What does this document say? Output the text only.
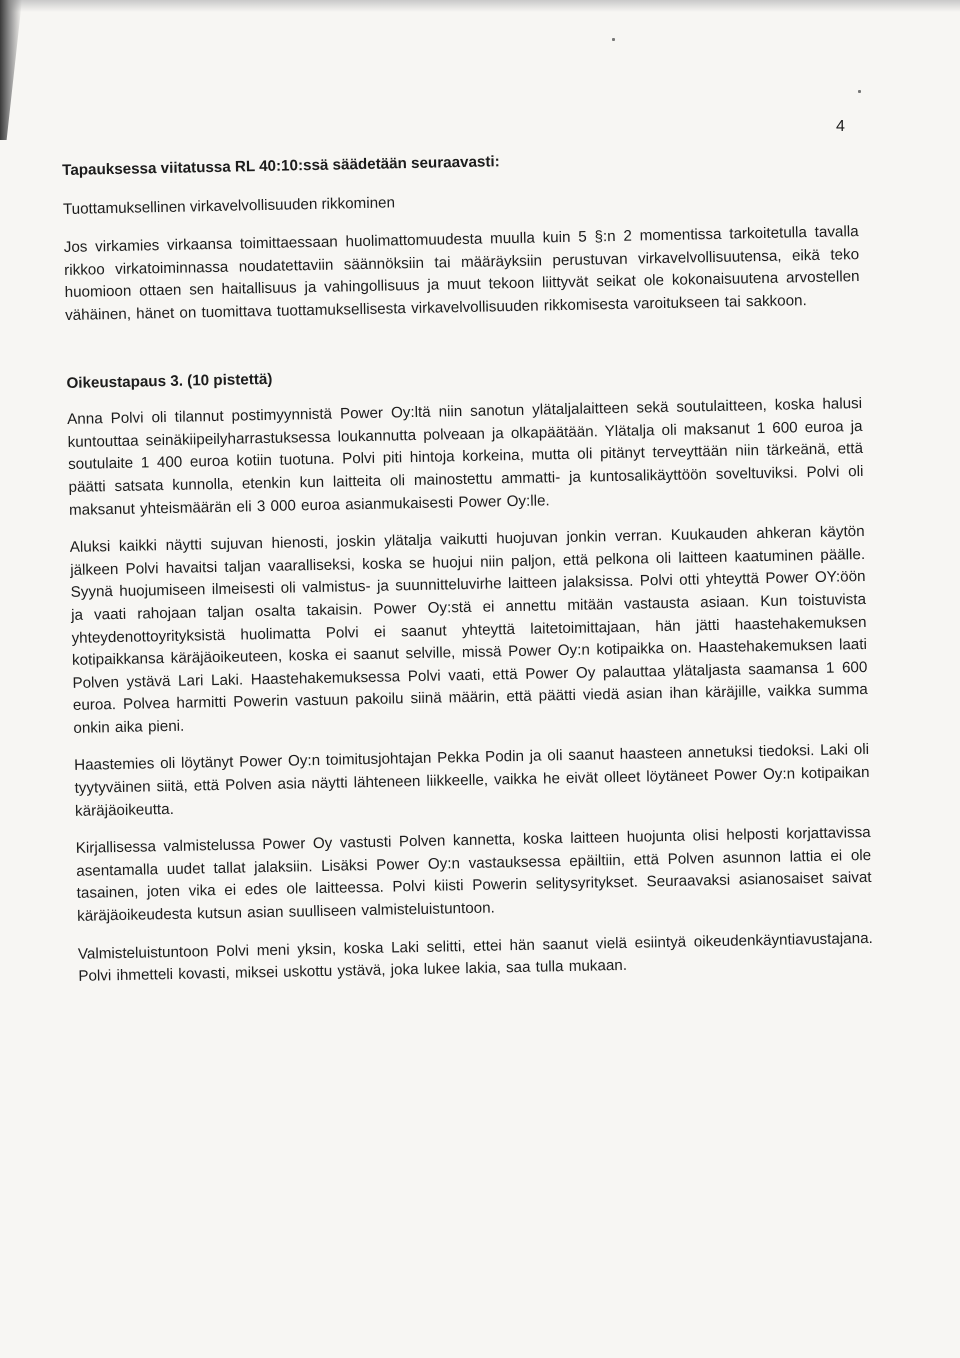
4
Tapauksessa viitatussa RL 40:10:ssä säädetään seuraavasti:
Tuottamuksellinen virkavelvollisuuden rikkominen
Jos virkamies virkaansa toimittaessaan huolimattomuudesta muulla kuin 5 §:n 2 momentissa tarkoitetulla tavalla rikkoo virkatoiminnassa noudatettaviin säännöksiin tai määräyksiin perustuvan virkavelvollisuutensa, eikä teko huomioon ottaen sen haitallisuus ja vahingollisuus ja muut tekoon liittyvät seikat ole kokonaisuutena arvostellen vähäinen, hänet on tuomittava tuottamuksellisesta virkavelvollisuuden rikkomisesta varoitukseen tai sakkoon.
Oikeustapaus 3. (10 pistettä)
Anna Polvi oli tilannut postimyynnistä Power Oy:ltä niin sanotun ylätaljalaitteen sekä soutulaitteen, koska halusi kuntouttaa seinäkiipeilyharrastuksessa loukannutta polveaan ja olkapäätään. Ylätalja oli maksanut 1 600 euroa ja soutulaite 1 400 euroa kotiin tuotuna. Polvi piti hintoja korkeina, mutta oli pitänyt terveyttään niin tärkeänä, että päätti satsata kunnolla, etenkin kun laitteita oli mainostettu ammatti- ja kuntosalikäyttöön soveltuviksi. Polvi oli maksanut yhteismäärän eli 3 000 euroa asianmukaisesti Power Oy:lle.
Aluksi kaikki näytti sujuvan hienosti, joskin ylätalja vaikutti huojuvan jonkin verran. Kuukauden ahkeran käytön jälkeen Polvi havaitsi taljan vaaralliseksi, koska se huojui niin paljon, että pelkona oli laitteen kaatuminen päälle. Syynä huojumiseen ilmeisesti oli valmistus- ja suunnitteluvirhe laitteen jalaksissa. Polvi otti yhteyttä Power OY:öön ja vaati rahojaan taljan osalta takaisin. Power Oy:stä ei annettu mitään vastausta asiaan. Kun toistuvista yhteydenottoyrityksistä huolimatta Polvi ei saanut yhteyttä laitetoimittajaan, hän jätti haastehakemuksen kotipaikkansa käräjäoikeuteen, koska ei saanut selville, missä Power Oy:n kotipaikka on. Haastehakemuksen laati Polven ystävä Lari Laki. Haastehakemuksessa Polvi vaati, että Power Oy palauttaa ylätaljasta saamansa 1 600 euroa. Polvea harmitti Powerin vastuun pakoilu siinä määrin, että päätti viedä asian ihan käräjille, vaikka summa onkin aika pieni.
Haastemies oli löytänyt Power Oy:n toimitusjohtajan Pekka Podin ja oli saanut haasteen annetuksi tiedoksi. Laki oli tyytyväinen siitä, että Polven asia näytti lähteneen liikkeelle, vaikka he eivät olleet löytäneet Power Oy:n kotipaikan käräjäoikeutta.
Kirjallisessa valmistelussa Power Oy vastusti Polven kannetta, koska laitteen huojunta olisi helposti korjattavissa asentamalla uudet tallat jalaksiin. Lisäksi Power Oy:n vastauksessa epäiltiin, että Polven asunnon lattia ei ole tasainen, joten vika ei edes ole laitteessa. Polvi kiisti Powerin selitysyritykset. Seuraavaksi asianosaiset saivat käräjäoikeudesta kutsun asian suulliseen valmisteluistuntoon.
Valmisteluistuntoon Polvi meni yksin, koska Laki selitti, ettei hän saanut vielä esiintyä oikeudenkäyntiavustajana. Polvi ihmetteli kovasti, miksei uskottu ystävä, joka lukee lakia, saa tulla mukaan.
